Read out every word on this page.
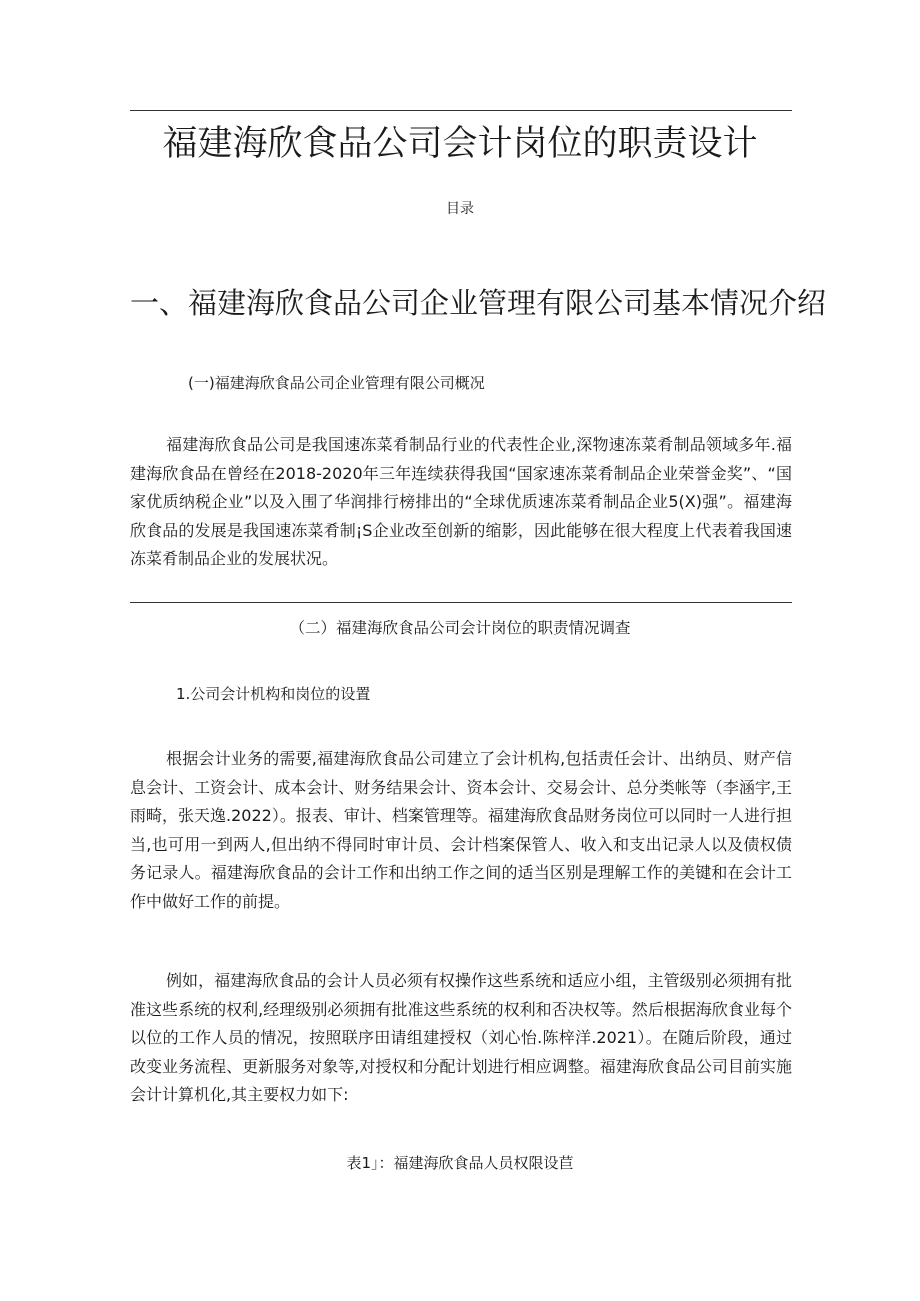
福建海欣食品公司会计岗位的职责设计
目录
一、福建海欣食品公司企业管理有限公司基本情况介绍
(一)福建海欣食品公司企业管理有限公司概况

福建海欣食品公司是我国速冻菜肴制品行业的代表性企业,深物速冻菜肴制品领域多年.福建海欣食品在曾经在2018-2020年三年连续获得我国“国家速冻菜肴制品企业荣誉金奖”、“国家优质纳税企业”以及入围了华润排行榜排出的“全球优质速冻菜肴制品企业5(X)强”。福建海欣食品的发展是我国速冻菜肴制¡S企业改至创新的缩影，因此能够在很大程度上代表着我国速冻菜肴制品企业的发展状况。

（二）福建海欣食品公司会计岗位的职责情况调查
1.公司会计机构和岗位的设置

根据会计业务的需要,福建海欣食品公司建立了会计机构,包括责任会计、出纳员、财产信息会计、工资会计、成本会计、财务结果会计、资本会计、交易会计、总分类帐等（李涵宇,王雨畸，张天逸.2022）。报表、审计、档案管理等。福建海欣食品财务岗位可以同时一人进行担当,也可用一到两人,但出纳不得同时审计员、会计档案保管人、收入和支出记录人以及债权债务记录人。福建海欣食品的会计工作和出纳工作之间的适当区别是理解工作的美键和在会计工作中做好工作的前提。

例如，福建海欣食品的会计人员必须有权操作这些系统和适应小组，主管级别必须拥有批准这些系统的权利,经理级别必须拥有批准这些系统的权利和否决权等。然后根据海欣食业每个以位的工作人员的情况，按照联序田请组建授权（刘心怡.陈梓洋.2021）。在随后阶段，通过改变业务流程、更新服务对象等,对授权和分配计划进行相应调整。福建海欣食品公司目前实施会计计算机化,其主要权力如下:

表1」：福建海欣食品人员权限设苣
